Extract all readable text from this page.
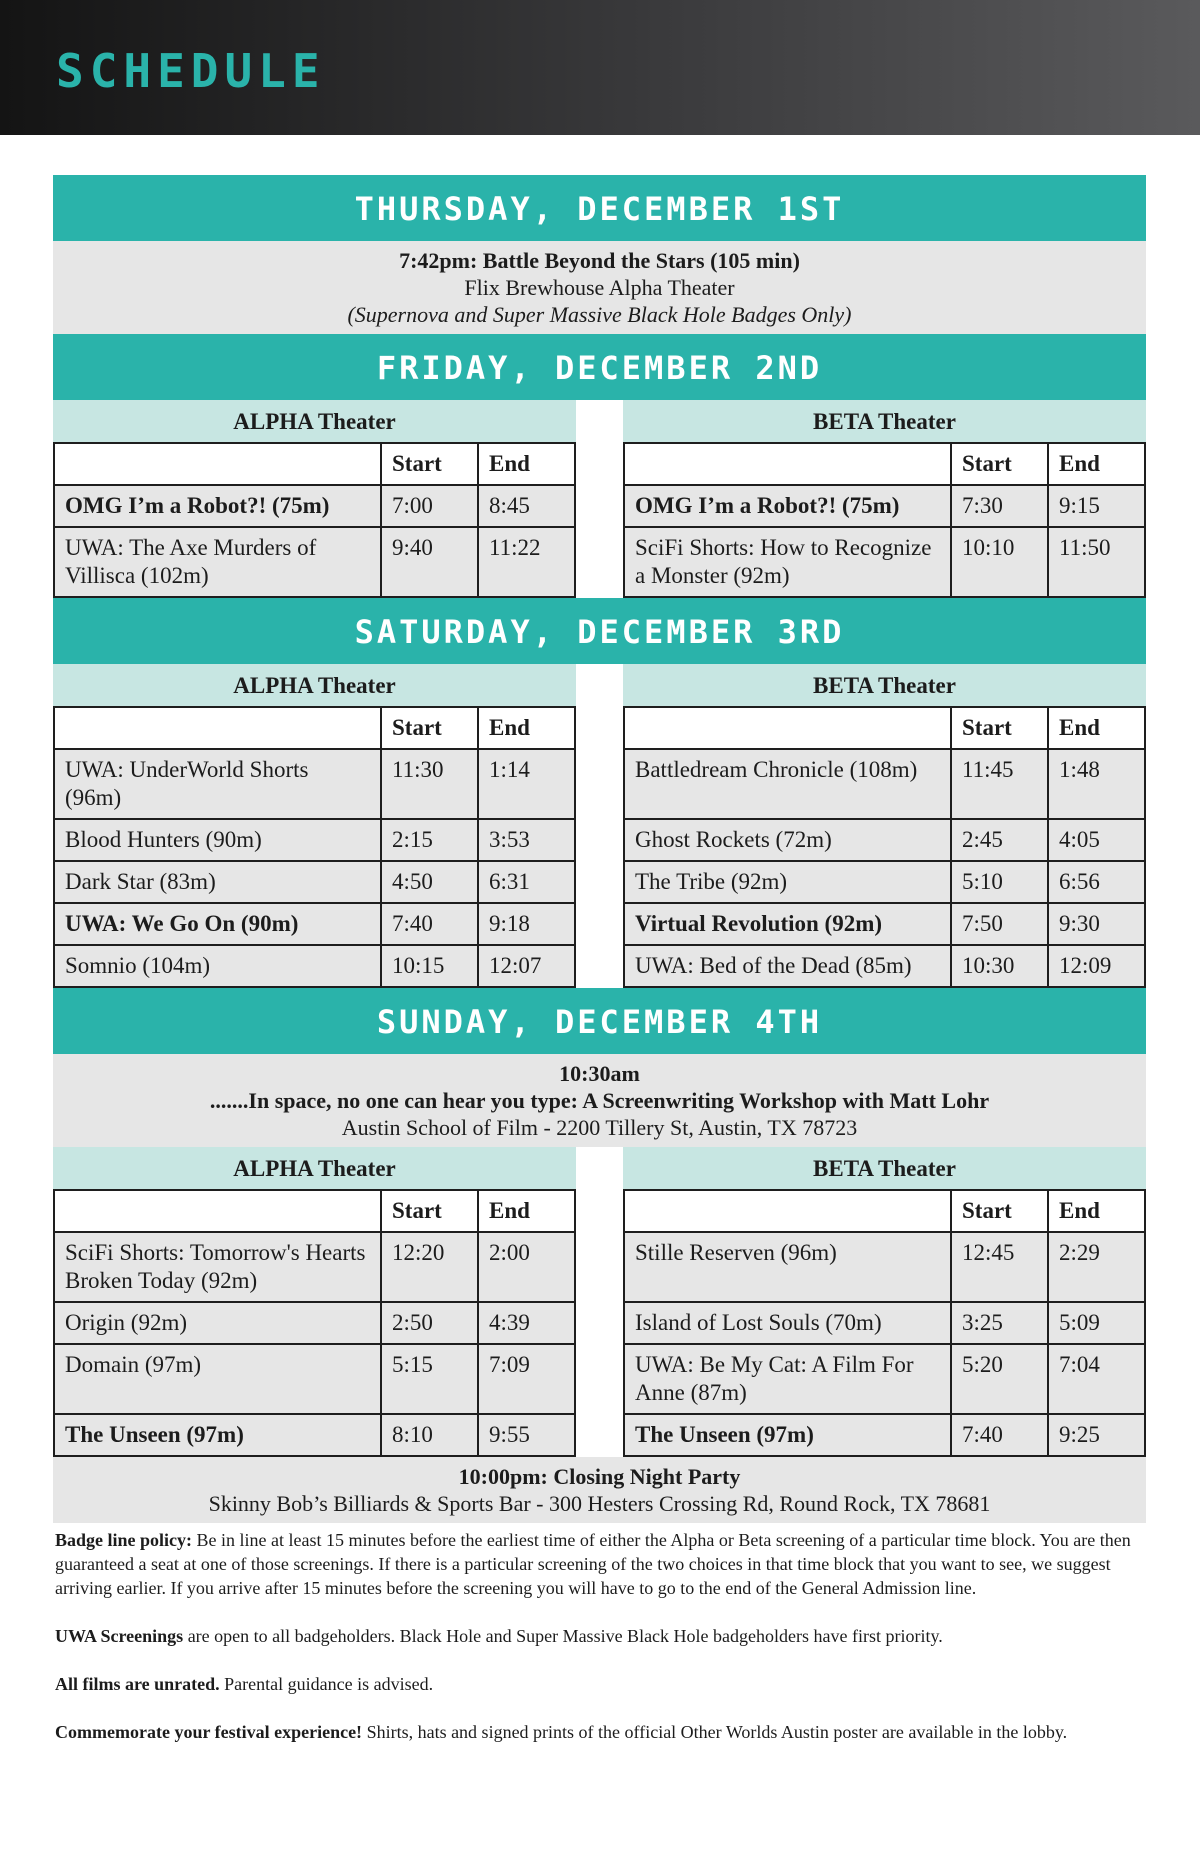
SCHEDULE
THURSDAY, DECEMBER 1ST
7:42pm: Battle Beyond the Stars (105 min)
Flix Brewhouse Alpha Theater
(Supernova and Super Massive Black Hole Badges Only)
FRIDAY, DECEMBER 2ND
ALPHA Theater
	Start	End
OMG I’m a Robot?! (75m)	7:00	8:45
UWA: The Axe Murders of Villisca (102m)	9:40	11:22
BETA Theater
	Start	End
OMG I’m a Robot?! (75m)	7:30	9:15
SciFi Shorts: How to Recognize a Monster (92m)	10:10	11:50
SATURDAY, DECEMBER 3RD
ALPHA Theater
	Start	End
UWA: UnderWorld Shorts (96m)	11:30	1:14
Blood Hunters (90m)	2:15	3:53
Dark Star (83m)	4:50	6:31
UWA: We Go On (90m)	7:40	9:18
Somnio (104m)	10:15	12:07
BETA Theater
	Start	End
Battledream Chronicle (108m)	11:45	1:48
Ghost Rockets (72m)	2:45	4:05
The Tribe (92m)	5:10	6:56
Virtual Revolution (92m)	7:50	9:30
UWA: Bed of the Dead (85m)	10:30	12:09
SUNDAY, DECEMBER 4TH
10:30am
.......In space, no one can hear you type: A Screenwriting Workshop with Matt Lohr
Austin School of Film - 2200 Tillery St, Austin, TX 78723
ALPHA Theater
	Start	End
SciFi Shorts: Tomorrow's Hearts Broken Today (92m)	12:20	2:00
Origin (92m)	2:50	4:39
Domain (97m)	5:15	7:09
The Unseen (97m)	8:10	9:55
BETA Theater
	Start	End
Stille Reserven (96m)	12:45	2:29
Island of Lost Souls (70m)	3:25	5:09
UWA: Be My Cat: A Film For Anne (87m)	5:20	7:04
The Unseen (97m)	7:40	9:25
10:00pm: Closing Night Party
Skinny Bob’s Billiards & Sports Bar - 300 Hesters Crossing Rd, Round Rock, TX 78681

Badge line policy: Be in line at least 15 minutes before the earliest time of either the Alpha or Beta screening of a particular time block. You are then guaranteed a seat at one of those screenings. If there is a particular screening of the two choices in that time block that you want to see, we suggest arriving earlier. If you arrive after 15 minutes before the screening you will have to go to the end of the General Admission line.

UWA Screenings are open to all badgeholders. Black Hole and Super Massive Black Hole badgeholders have first priority.

All films are unrated. Parental guidance is advised.

Commemorate your festival experience! Shirts, hats and signed prints of the official Other Worlds Austin poster are available in the lobby.
